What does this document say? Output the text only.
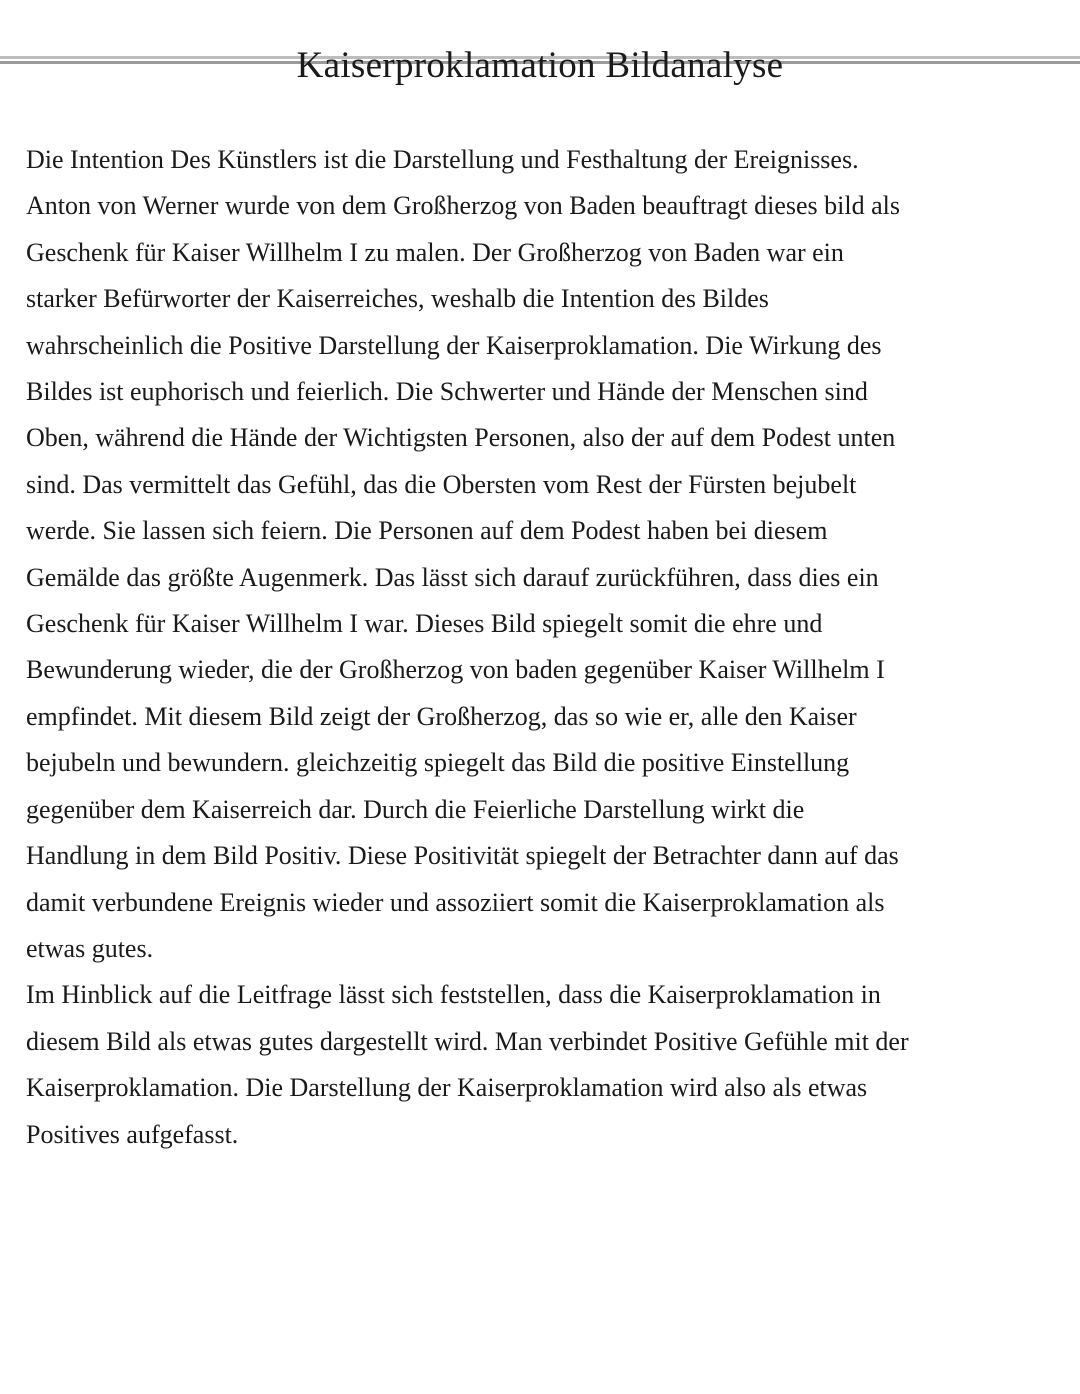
Kaiserproklamation Bildanalyse

Die Intention Des Künstlers ist die Darstellung und Festhaltung der Ereignisses.
Anton von Werner wurde von dem Großherzog von Baden beauftragt dieses bild als
Geschenk für Kaiser Willhelm I zu malen. Der Großherzog von Baden war ein
starker Befürworter der Kaiserreiches, weshalb die Intention des Bildes
wahrscheinlich die Positive Darstellung der Kaiserproklamation. Die Wirkung des
Bildes ist euphorisch und feierlich. Die Schwerter und Hände der Menschen sind
Oben, während die Hände der Wichtigsten Personen, also der auf dem Podest unten
sind. Das vermittelt das Gefühl, das die Obersten vom Rest der Fürsten bejubelt
werde. Sie lassen sich feiern. Die Personen auf dem Podest haben bei diesem
Gemälde das größte Augenmerk. Das lässt sich darauf zurückführen, dass dies ein
Geschenk für Kaiser Willhelm I war. Dieses Bild spiegelt somit die ehre und
Bewunderung wieder, die der Großherzog von baden gegenüber Kaiser Willhelm I
empfindet. Mit diesem Bild zeigt der Großherzog, das so wie er, alle den Kaiser
bejubeln und bewundern. gleichzeitig spiegelt das Bild die positive Einstellung
gegenüber dem Kaiserreich dar. Durch die Feierliche Darstellung wirkt die
Handlung in dem Bild Positiv. Diese Positivität spiegelt der Betrachter dann auf das
damit verbundene Ereignis wieder und assoziiert somit die Kaiserproklamation als
etwas gutes.
Im Hinblick auf die Leitfrage lässt sich feststellen, dass die Kaiserproklamation in
diesem Bild als etwas gutes dargestellt wird. Man verbindet Positive Gefühle mit der
Kaiserproklamation. Die Darstellung der Kaiserproklamation wird also als etwas
Positives aufgefasst.
